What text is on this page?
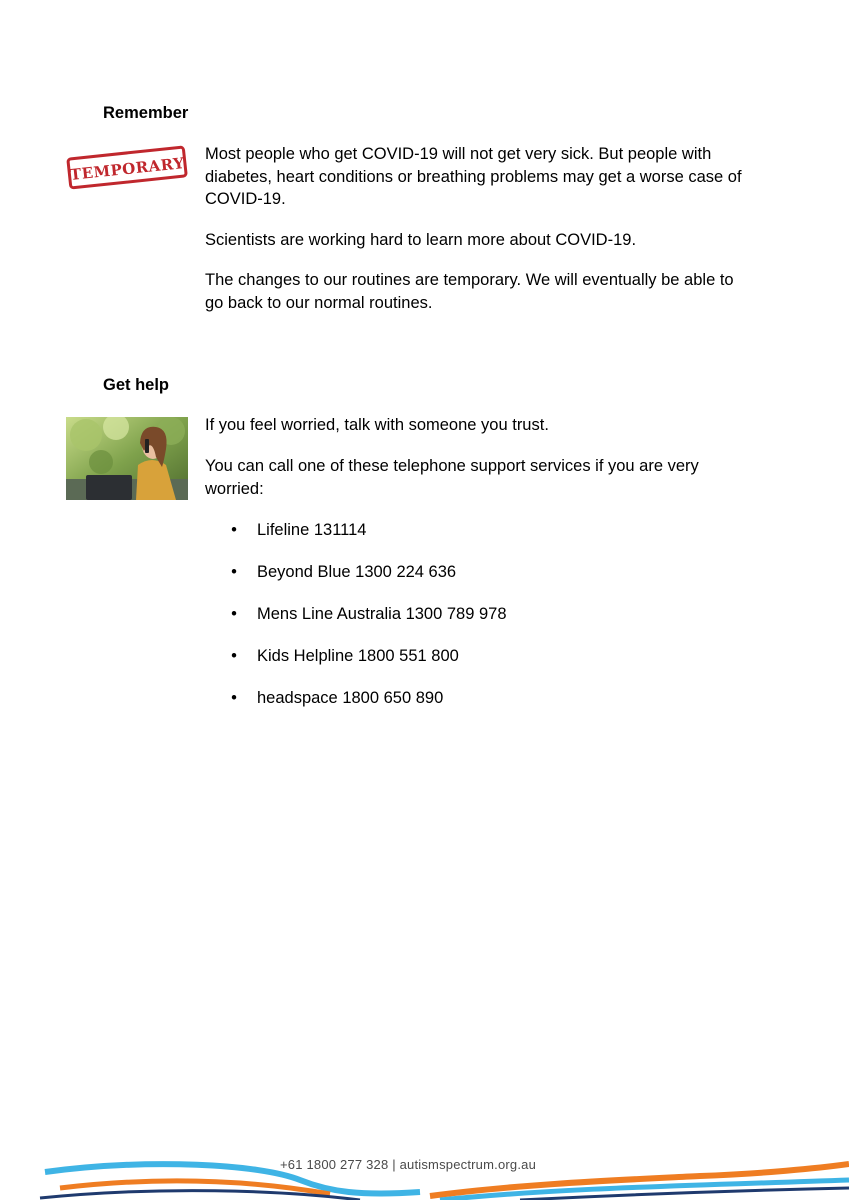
Remember
TEMPORARY
Most people who get COVID-19 will not get very sick. But people with diabetes, heart conditions or breathing problems may get a worse case of COVID-19.
Scientists are working hard to learn more about COVID-19.
The changes to our routines are temporary. We will eventually be able to go back to our normal routines.
Get help
If you feel worried, talk with someone you trust.
You can call one of these telephone support services if you are very worried:
• Lifeline 131114
• Beyond Blue 1300 224 636
• Mens Line Australia 1300 789 978
• Kids Helpline 1800 551 800
• headspace 1800 650 890
+61 1800 277 328 | autismspectrum.org.au
